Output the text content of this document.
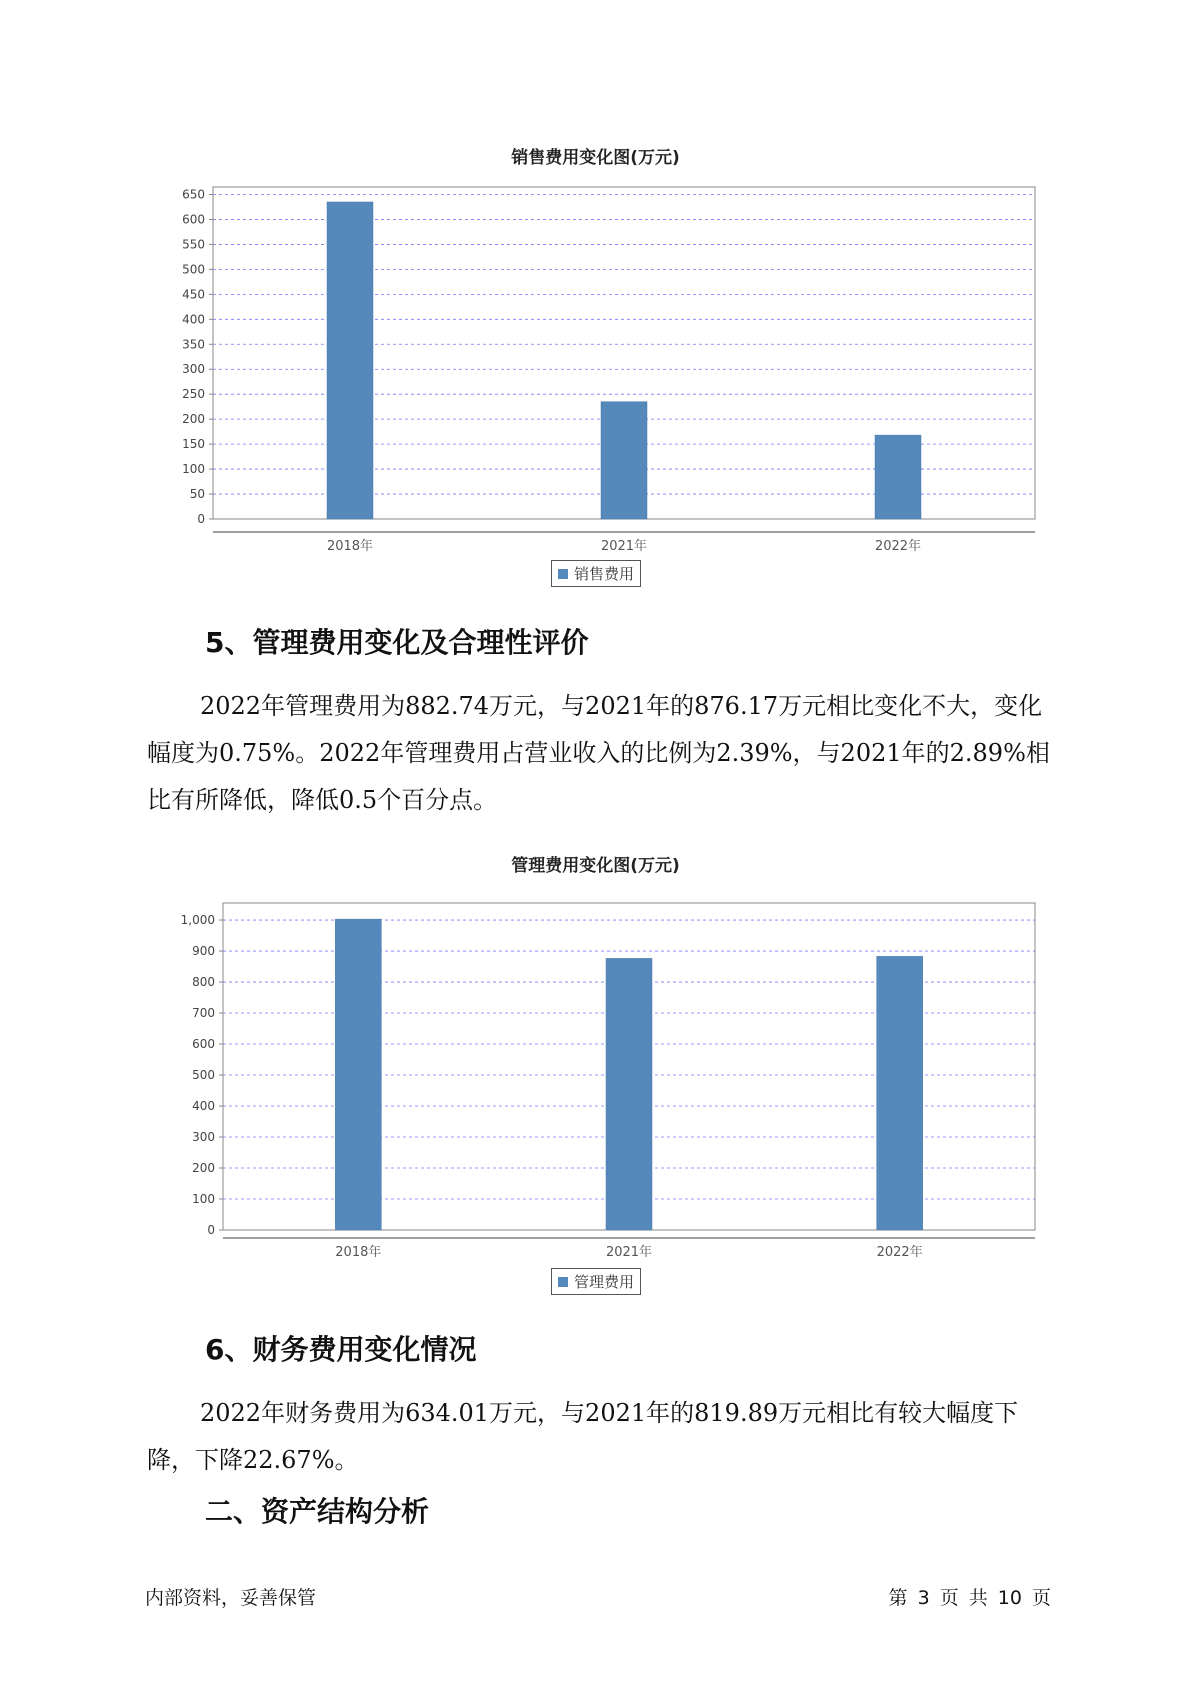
销售费用变化图(万元)
0
50
100
150
200
250
300
350
400
450
500
550
600
650
2018年	2021年	2022年
销售费用
5、管理费用变化及合理性评价

2022年管理费用为882.74万元，与2021年的876.17万元相比变化不大，变化幅度为0.75%。2022年管理费用占营业收入的比例为2.39%，与2021年的2.89%相比有所降低，降低0.5个百分点。

管理费用变化图(万元)
0
100
200
300
400
500
600
700
800
900
1,000
2018年	2021年	2022年
管理费用
6、财务费用变化情况

2022年财务费用为634.01万元，与2021年的819.89万元相比有较大幅度下降，下降22.67%。

二、资产结构分析
内部资料，妥善保管	第 3 页 共 10 页
